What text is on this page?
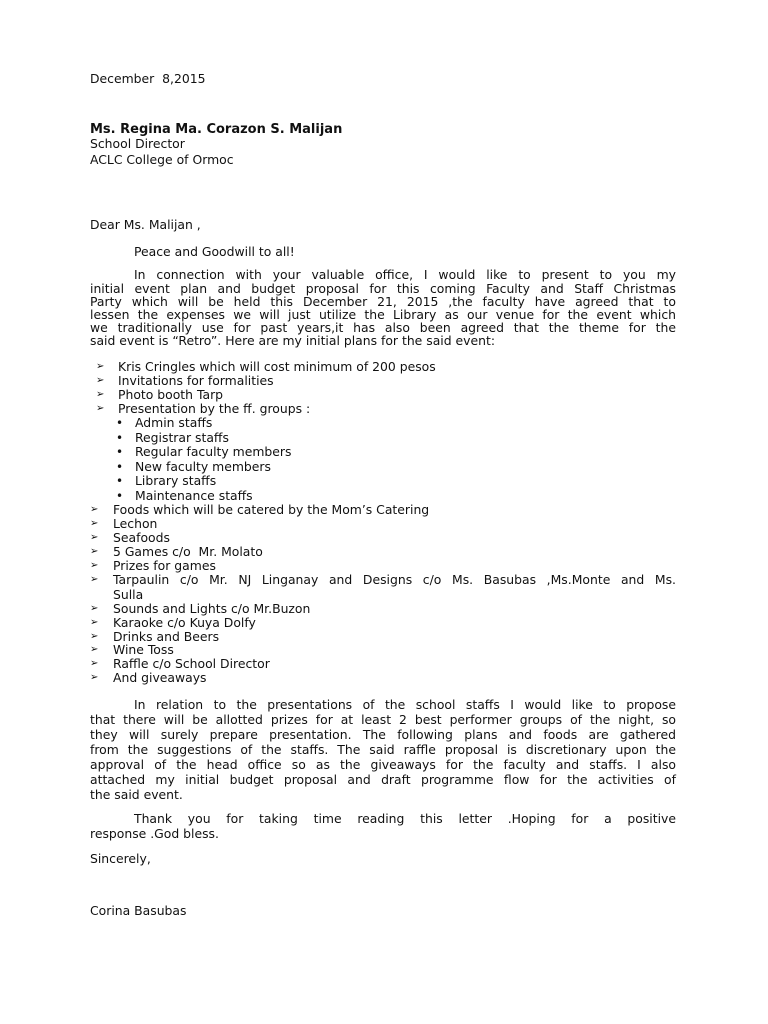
December  8,2015
Ms. Regina Ma. Corazon S. Malijan
School Director
ACLC College of Ormoc
Dear Ms. Malijan ,
Peace and Goodwill to all!
In connection with your valuable office, I would like to present to you my
initial event plan and budget proposal for this coming Faculty and Staff Christmas
Party which will be held this December 21, 2015 ,the faculty have agreed that to
lessen the expenses we will just utilize the Library as our venue for the event which
we traditionally use for past years,it has also been agreed that the theme for the
said event is “Retro”. Here are my initial plans for the said event:
➢ Kris Cringles which will cost minimum of 200 pesos
➢ Invitations for formalities
➢ Photo booth Tarp
➢ Presentation by the ff. groups :
• Admin staffs
• Registrar staffs
• Regular faculty members
• New faculty members
• Library staffs
• Maintenance staffs
➢ Foods which will be catered by the Mom’s Catering
➢ Lechon
➢ Seafoods
➢ 5 Games c/o  Mr. Molato
➢ Prizes for games
➢ Tarpaulin c/o Mr. NJ Linganay and Designs c/o Ms. Basubas ,Ms.Monte and Ms.
Sulla
➢ Sounds and Lights c/o Mr.Buzon
➢ Karaoke c/o Kuya Dolfy
➢ Drinks and Beers
➢ Wine Toss
➢ Raffle c/o School Director
➢ And giveaways
In relation to the presentations of the school staffs I would like to propose
that there will be allotted prizes for at least 2 best performer groups of the night, so
they will surely prepare presentation. The following plans and foods are gathered
from the suggestions of the staffs. The said raffle proposal is discretionary upon the
approval of the head office so as the giveaways for the faculty and staffs. I also
attached my initial budget proposal and draft programme flow for the activities of
the said event.
Thank you for taking time reading this letter .Hoping for a positive
response .God bless.
Sincerely,
Corina Basubas
